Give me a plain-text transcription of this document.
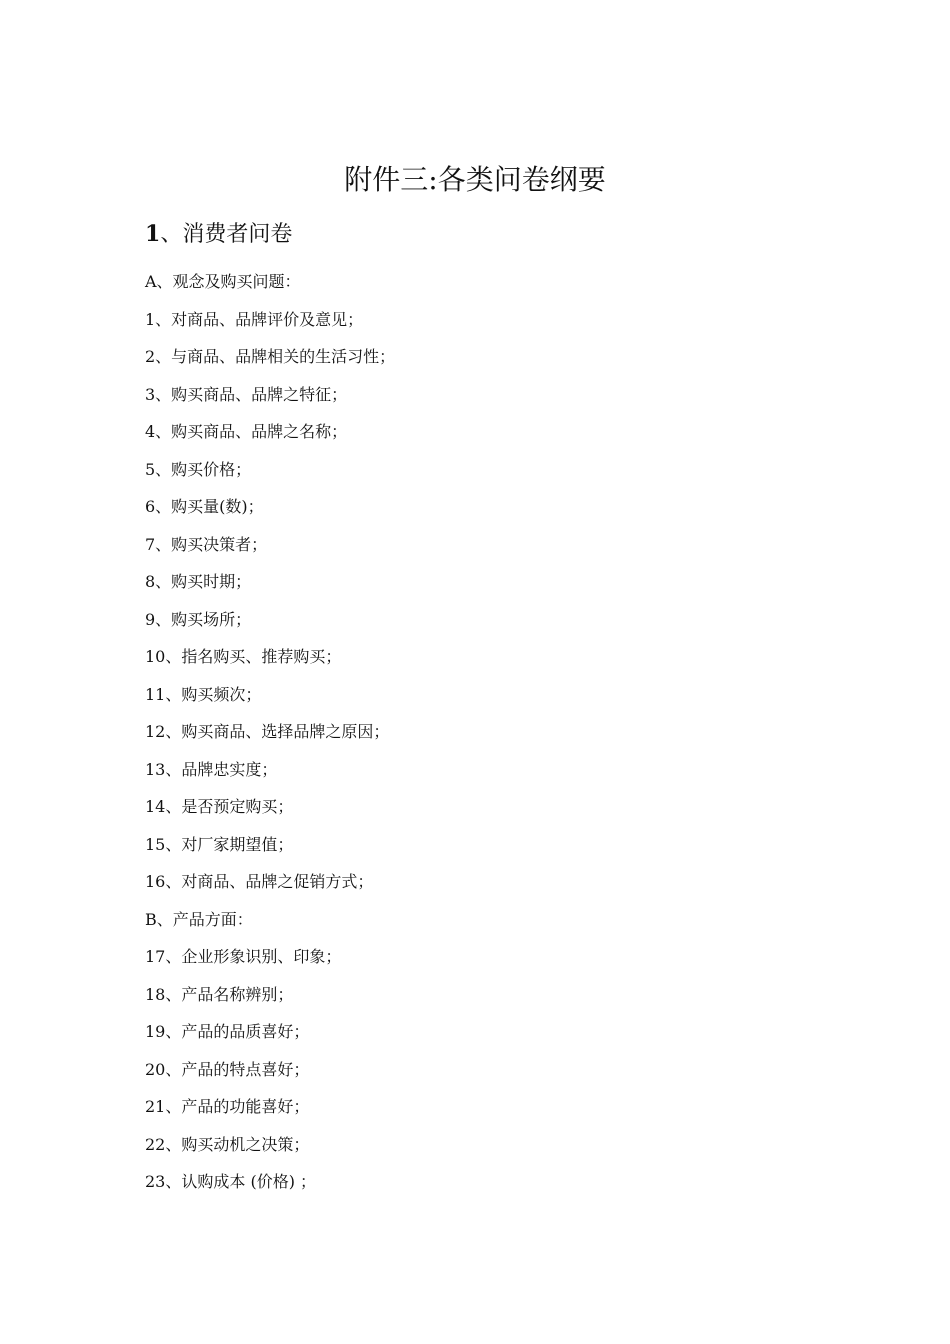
附件三:各类问卷纲要
1、消费者问卷
A、观念及购买问题：
1、对商品、品牌评价及意见；
2、与商品、品牌相关的生活习性；
3、购买商品、品牌之特征；
4、购买商品、品牌之名称；
5、购买价格；
6、购买量(数)；
7、购买决策者；
8、购买时期；
9、购买场所；
10、指名购买、推荐购买；
11、购买频次；
12、购买商品、选择品牌之原因；
13、品牌忠实度；
14、是否预定购买；
15、对厂家期望值；
16、对商品、品牌之促销方式；
B、产品方面：
17、企业形象识别、印象；
18、产品名称辨别；
19、产品的品质喜好；
20、产品的特点喜好；
21、产品的功能喜好；
22、购买动机之决策；
23、认购成本 (价格) ；
